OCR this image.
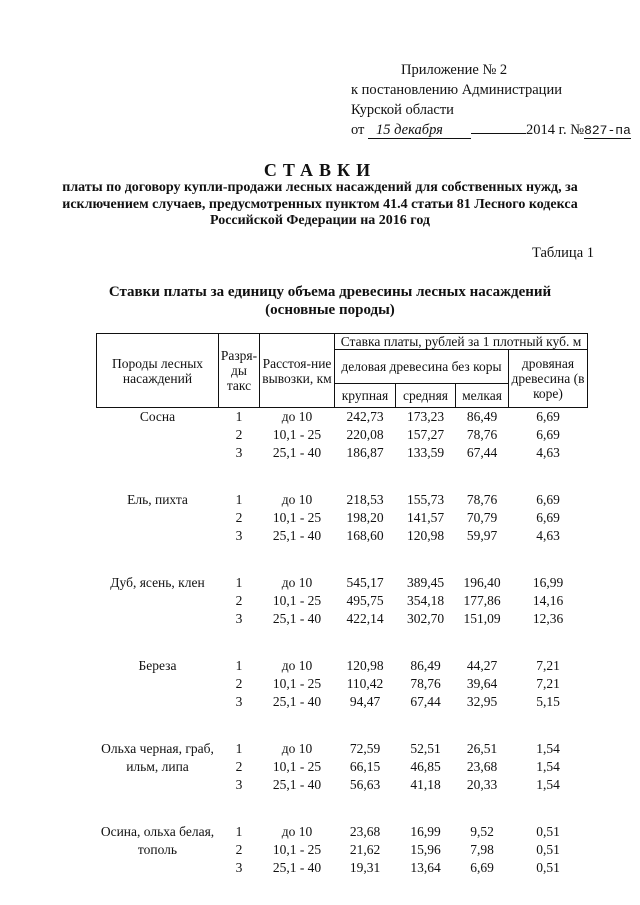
Приложение № 2
к постановлению Администрации
Курской области
от 15 декабря	2014 г. №827-па
СТАВКИ
платы по договору купли-продажи лесных насаждений для собственных нужд, за исключением случаев, предусмотренных пунктом 41.4 статьи 81 Лесного кодекса Российской Федерации на 2016 год
Таблица 1
Ставки платы за единицу объема древесины лесных насаждений (основные породы)
Породы лесных насаждений	Разря-ды такс	Расстоя-ние вывозки, км	Ставка платы, рублей за 1 плотный куб. м			
			деловая древесина без коры			дровяная древесина (в коре)
			крупная	средняя	мелкая	
Сосна	1	до 10	242,73	173,23	86,49	6,69
	2	10,1 - 25	220,08	157,27	78,76	6,69
	3	25,1 - 40	186,87	133,59	67,44	4,63

Ель, пихта	1	до 10	218,53	155,73	78,76	6,69
	2	10,1 - 25	198,20	141,57	70,79	6,69
	3	25,1 - 40	168,60	120,98	59,97	4,63

Дуб, ясень, клен	1	до 10	545,17	389,45	196,40	16,99
	2	10,1 - 25	495,75	354,18	177,86	14,16
	3	25,1 - 40	422,14	302,70	151,09	12,36

Береза	1	до 10	120,98	86,49	44,27	7,21
	2	10,1 - 25	110,42	78,76	39,64	7,21
	3	25,1 - 40	94,47	67,44	32,95	5,15

Ольха черная, граб, ильм, липа	1	до 10	72,59	52,51	26,51	1,54
	2	10,1 - 25	66,15	46,85	23,68	1,54
	3	25,1 - 40	56,63	41,18	20,33	1,54

Осина, ольха белая, тополь	1	до 10	23,68	16,99	9,52	0,51
	2	10,1 - 25	21,62	15,96	7,98	0,51
	3	25,1 - 40	19,31	13,64	6,69	0,51
